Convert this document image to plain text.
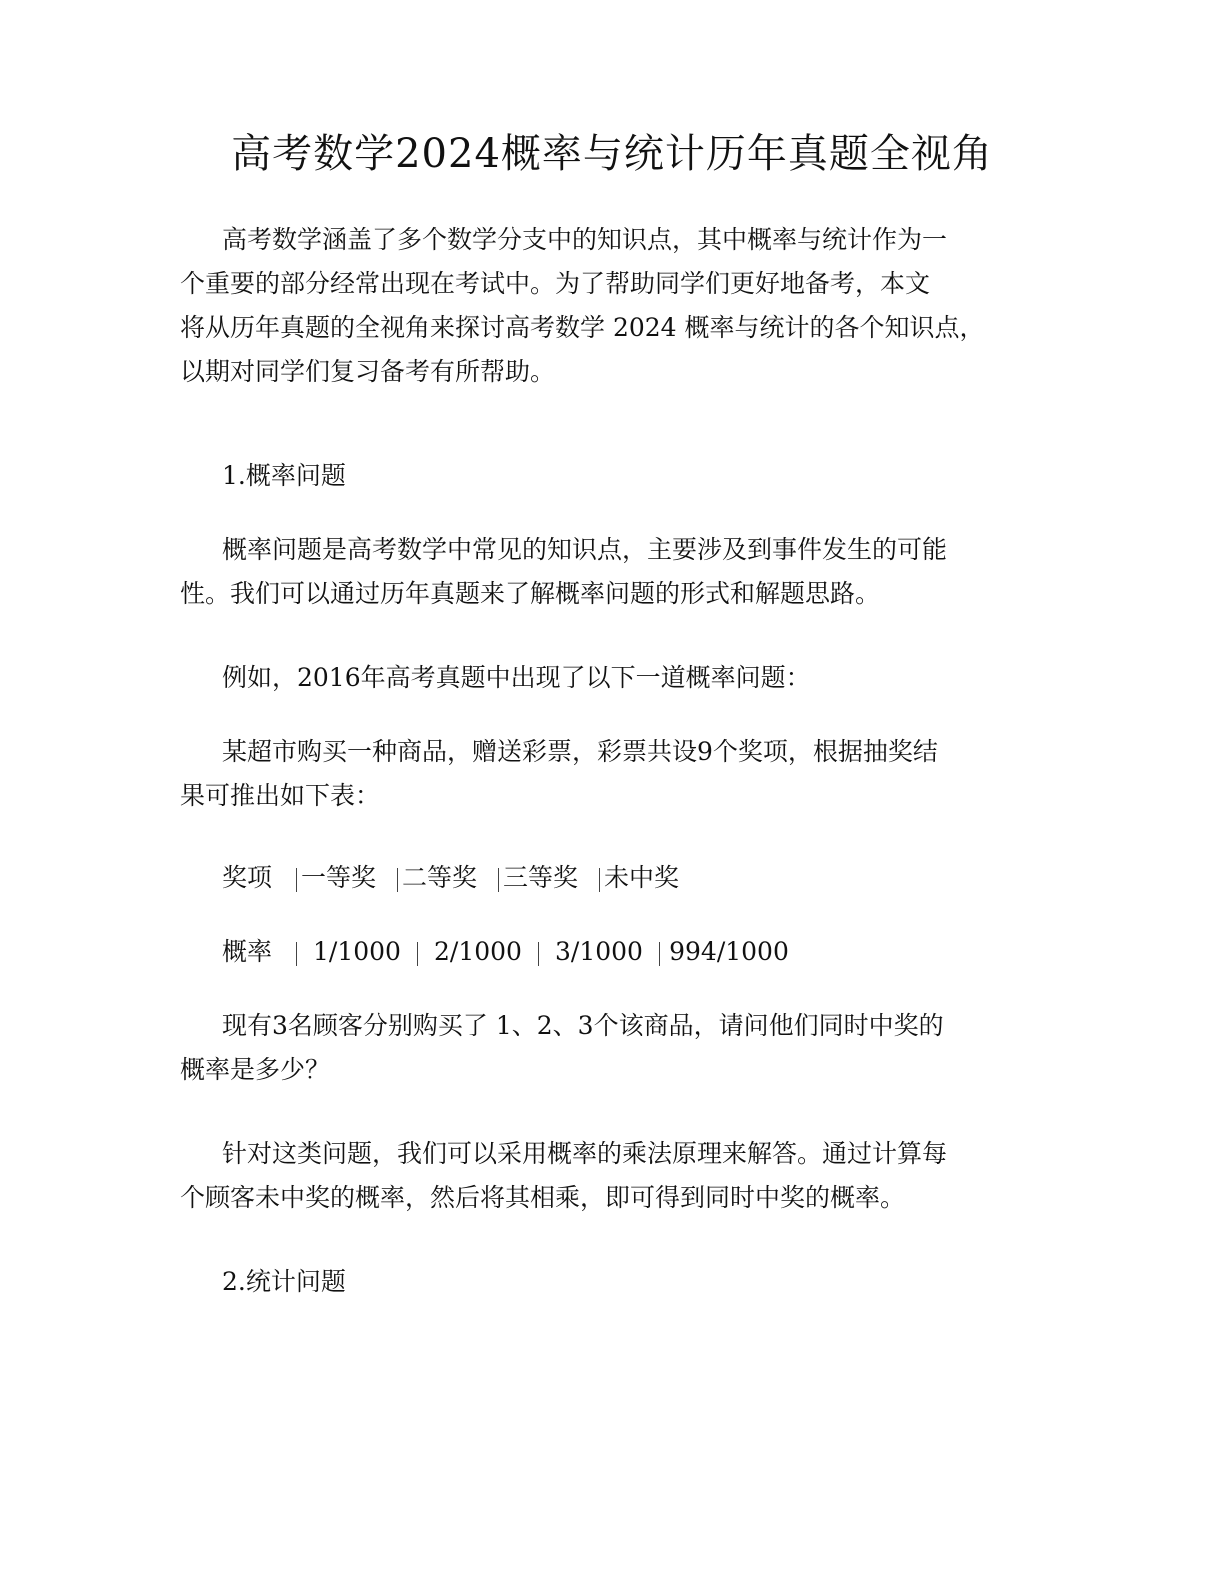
高考数学2024概率与统计历年真题全视角
高考数学涵盖了多个数学分支中的知识点，其中概率与统计作为一
个重要的部分经常出现在考试中。为了帮助同学们更好地备考，本文
将从历年真题的全视角来探讨高考数学 2024 概率与统计的各个知识点，
以期对同学们复习备考有所帮助。
1.概率问题
概率问题是高考数学中常见的知识点，主要涉及到事件发生的可能
性。我们可以通过历年真题来了解概率问题的形式和解题思路。
例如，2016年高考真题中出现了以下一道概率问题：
某超市购买一种商品，赠送彩票，彩票共设9个奖项，根据抽奖结
果可推出如下表：
奖项 一等奖 二等奖 三等奖 未中奖
概率 1/1000 2/1000 3/1000 994/1000
现有3名顾客分别购买了 1、2、3个该商品，请问他们同时中奖的
概率是多少？
针对这类问题，我们可以采用概率的乘法原理来解答。通过计算每
个顾客未中奖的概率，然后将其相乘，即可得到同时中奖的概率。
2.统计问题
